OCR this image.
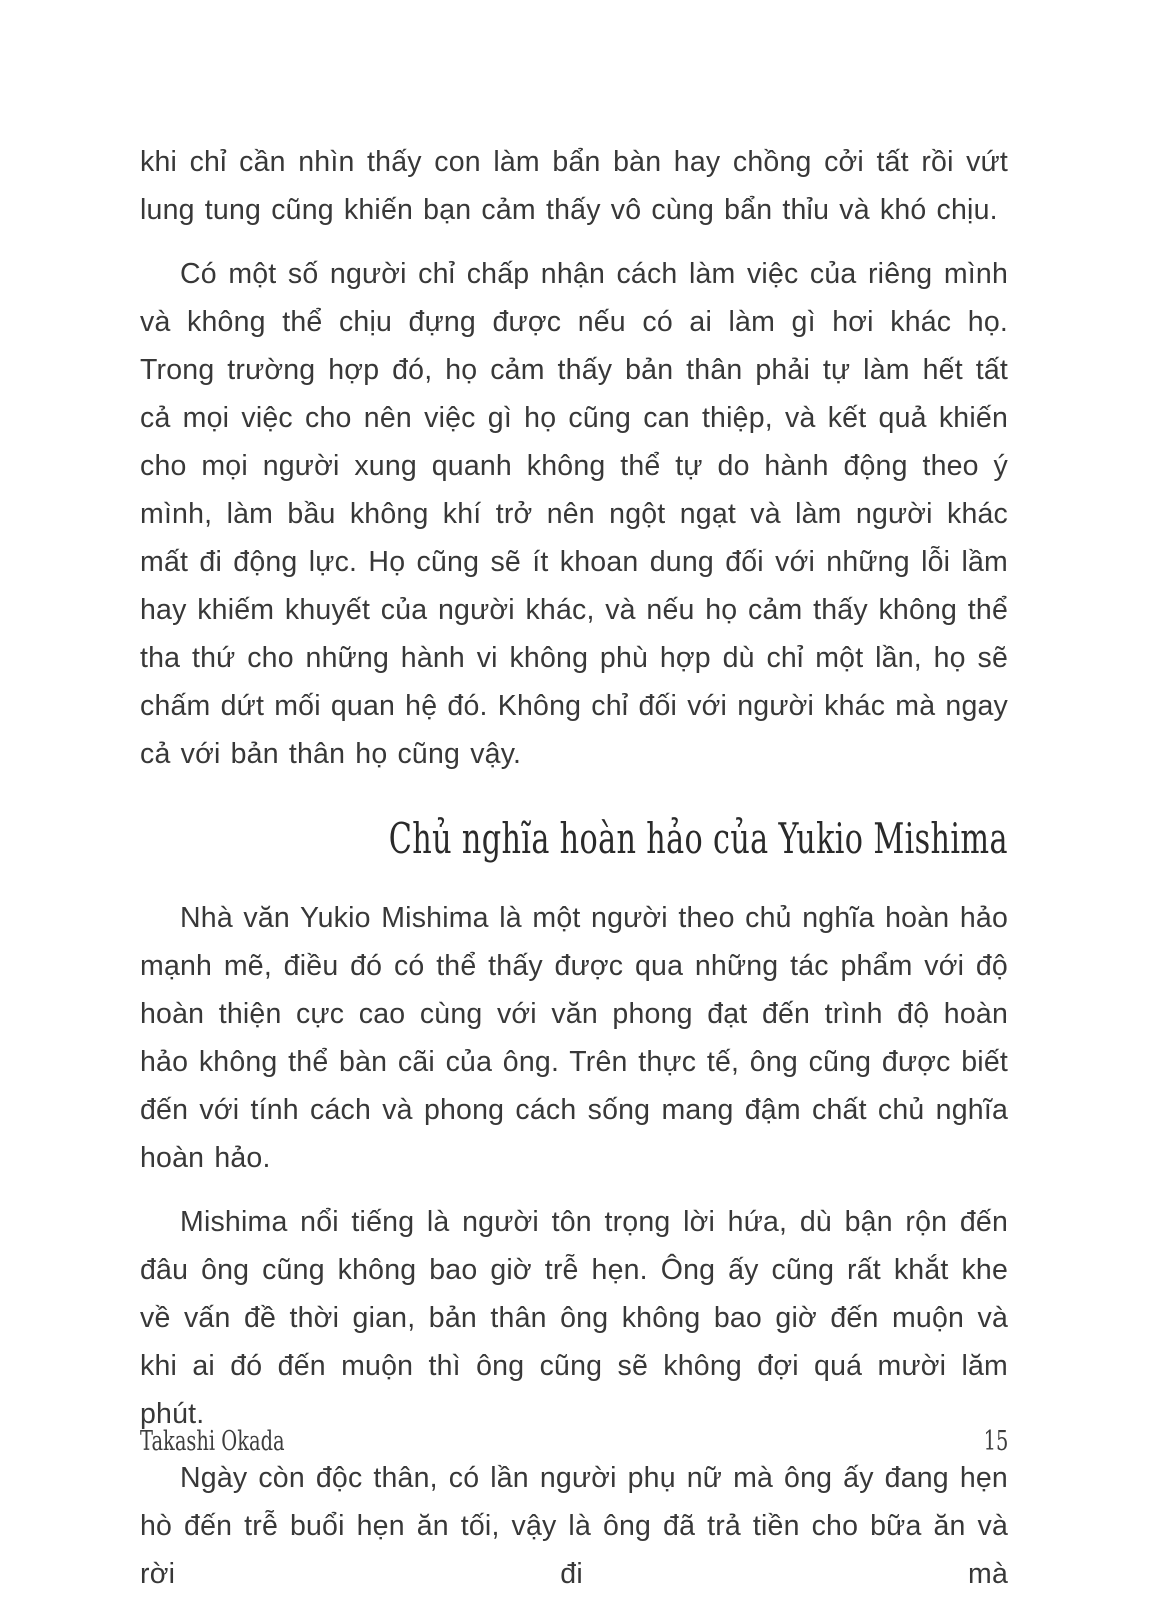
khi chỉ cần nhìn thấy con làm bẩn bàn hay chồng cởi tất rồi vứt lung tung cũng khiến bạn cảm thấy vô cùng bẩn thỉu và khó chịu.

Có một số người chỉ chấp nhận cách làm việc của riêng mình và không thể chịu đựng được nếu có ai làm gì hơi khác họ. Trong trường hợp đó, họ cảm thấy bản thân phải tự làm hết tất cả mọi việc cho nên việc gì họ cũng can thiệp, và kết quả khiến cho mọi người xung quanh không thể tự do hành động theo ý mình, làm bầu không khí trở nên ngột ngạt và làm người khác mất đi động lực. Họ cũng sẽ ít khoan dung đối với những lỗi lầm hay khiếm khuyết của người khác, và nếu họ cảm thấy không thể tha thứ cho những hành vi không phù hợp dù chỉ một lần, họ sẽ chấm dứt mối quan hệ đó. Không chỉ đối với người khác mà ngay cả với bản thân họ cũng vậy.

Chủ nghĩa hoàn hảo của Yukio Mishima

Nhà văn Yukio Mishima là một người theo chủ nghĩa hoàn hảo mạnh mẽ, điều đó có thể thấy được qua những tác phẩm với độ hoàn thiện cực cao cùng với văn phong đạt đến trình độ hoàn hảo không thể bàn cãi của ông. Trên thực tế, ông cũng được biết đến với tính cách và phong cách sống mang đậm chất chủ nghĩa hoàn hảo.

Mishima nổi tiếng là người tôn trọng lời hứa, dù bận rộn đến đâu ông cũng không bao giờ trễ hẹn. Ông ấy cũng rất khắt khe về vấn đề thời gian, bản thân ông không bao giờ đến muộn và khi ai đó đến muộn thì ông cũng sẽ không đợi quá mười lăm phút.

Ngày còn độc thân, có lần người phụ nữ mà ông ấy đang hẹn hò đến trễ buổi hẹn ăn tối, vậy là ông đã trả tiền cho bữa ăn và rời đi mà

Takashi Okada	15
